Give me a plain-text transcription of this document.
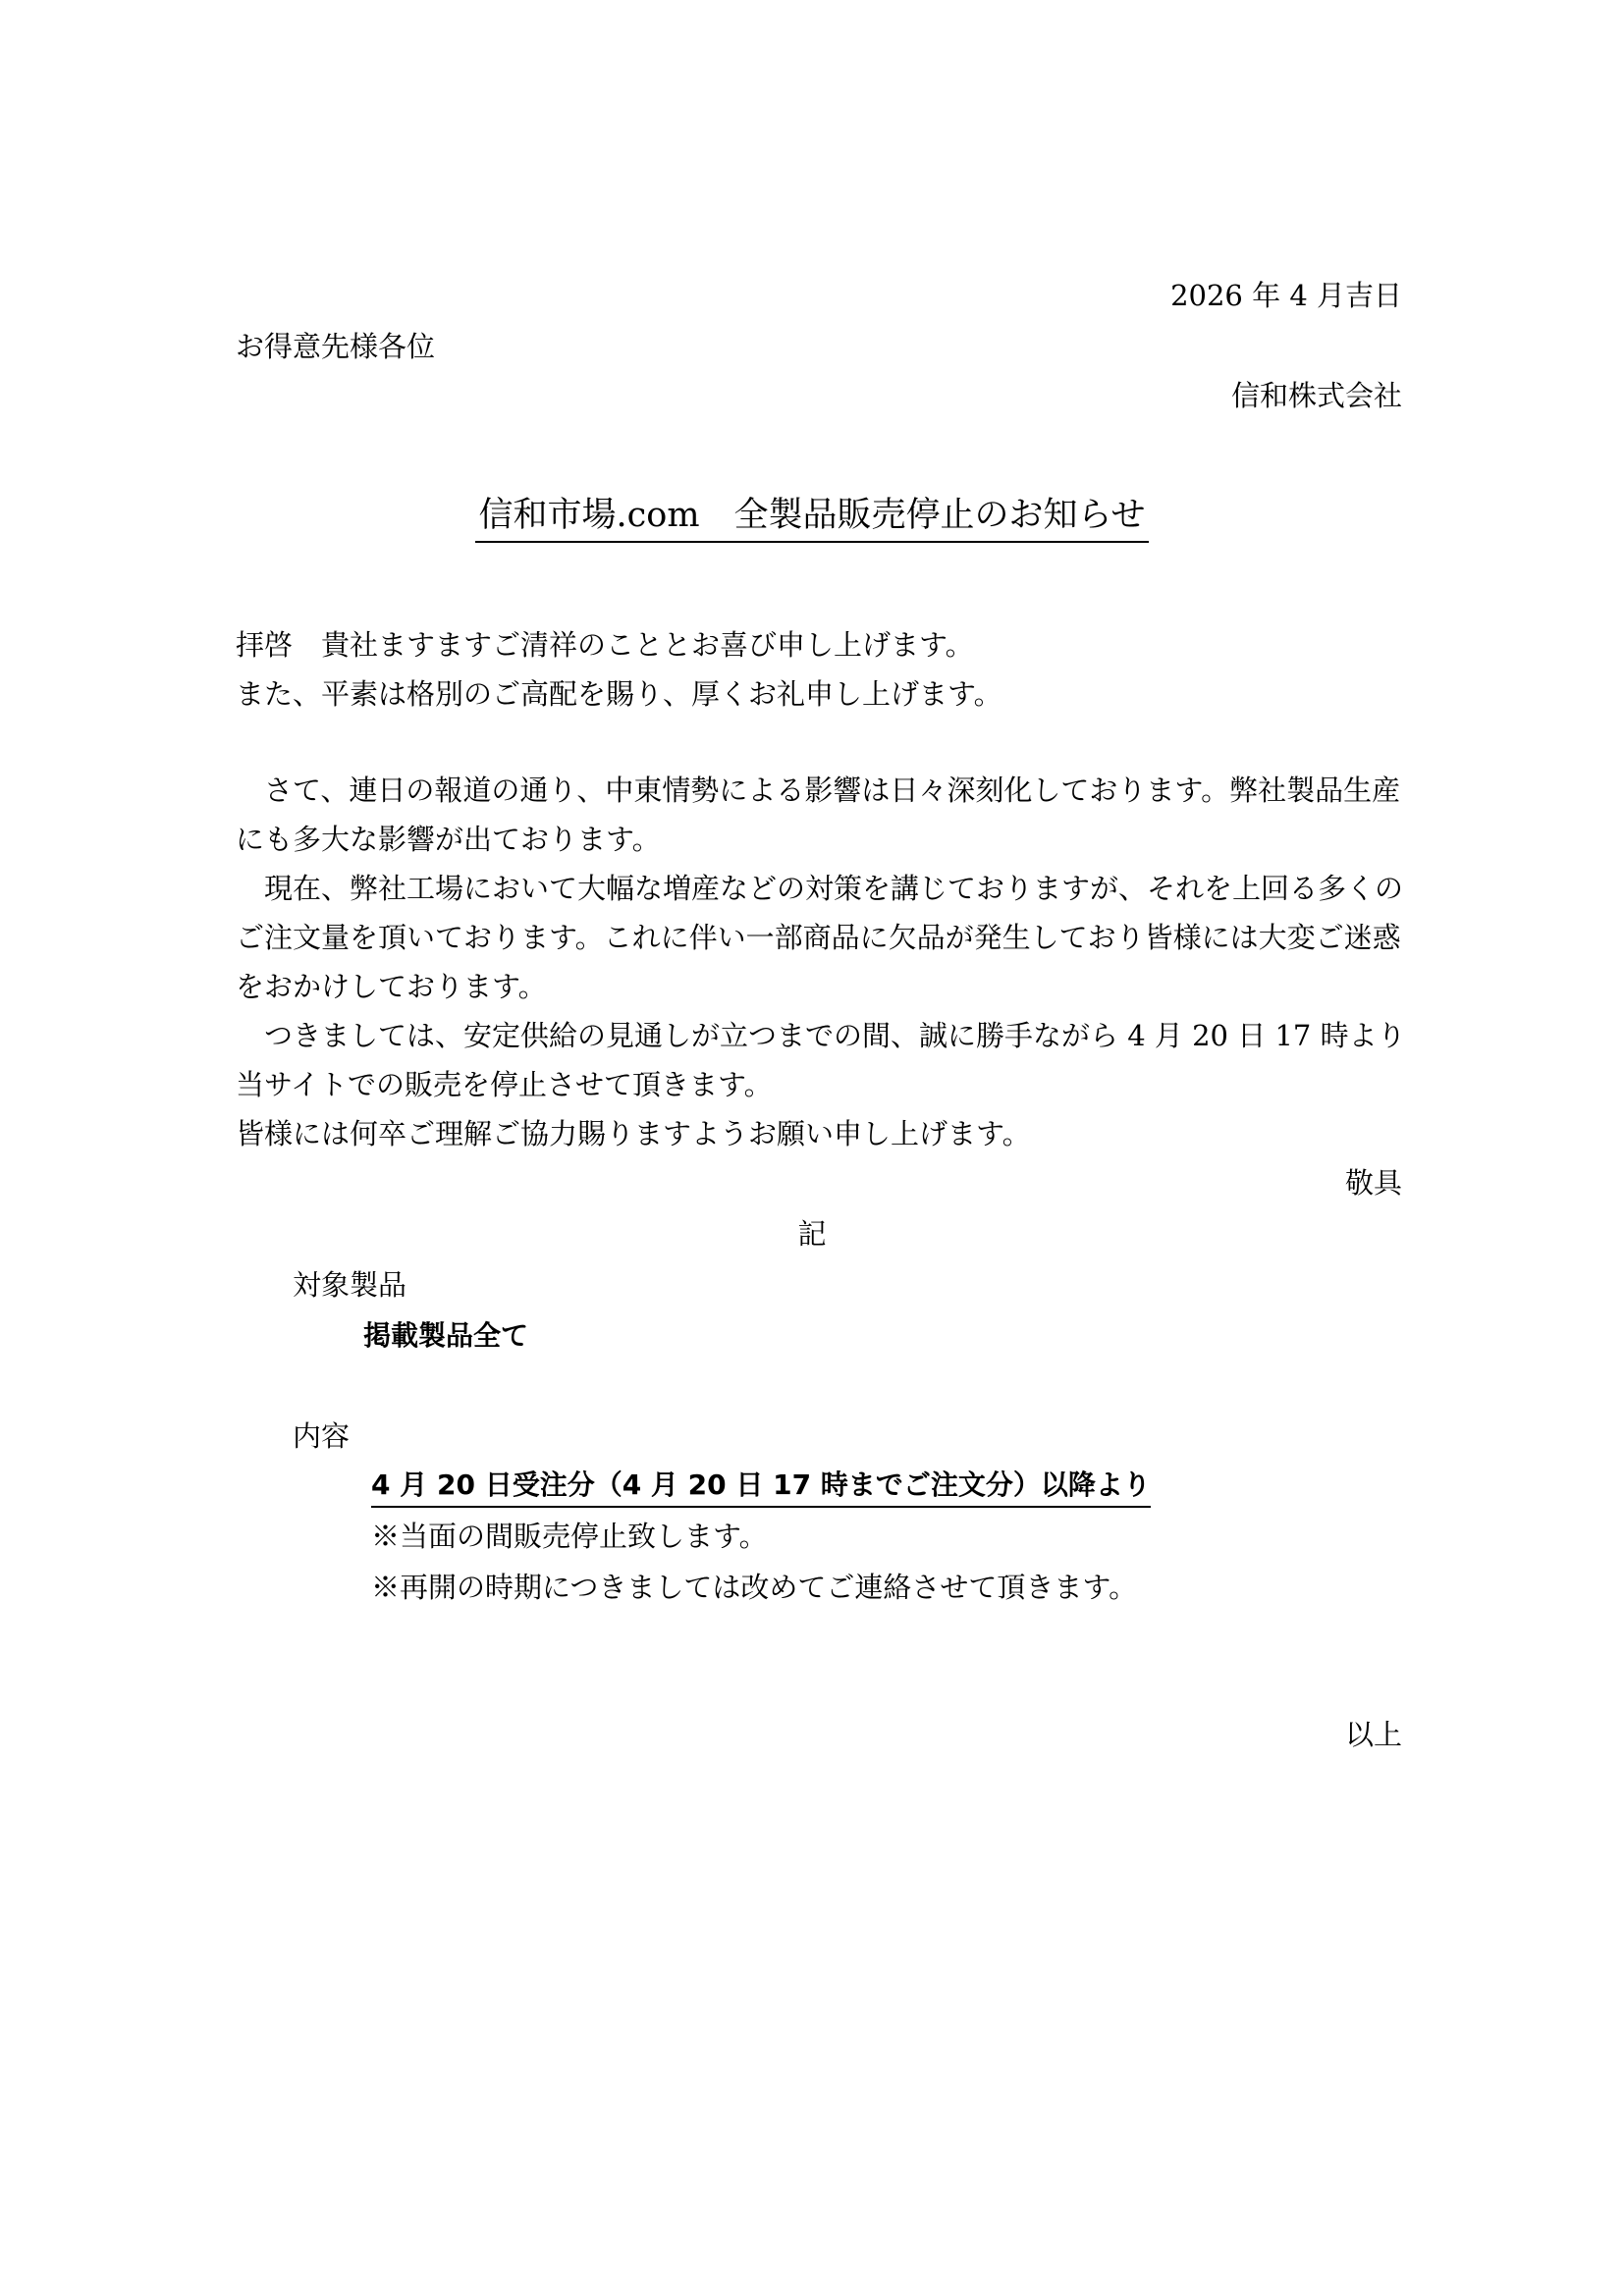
2026 年 4 月吉日
お得意先様各位
信和株式会社
信和市場.com　全製品販売停止のお知らせ
拝啓　貴社ますますご清祥のこととお喜び申し上げます。
また、平素は格別のご高配を賜り、厚くお礼申し上げます。
　さて、連日の報道の通り、中東情勢による影響は日々深刻化しております。弊社製品生産
にも多大な影響が出ております。
　現在、弊社工場において大幅な増産などの対策を講じておりますが、それを上回る多くの
ご注文量を頂いております。これに伴い一部商品に欠品が発生しており皆様には大変ご迷惑
をおかけしております。
　つきましては、安定供給の見通しが立つまでの間、誠に勝手ながら 4 月 20 日 17 時より
当サイトでの販売を停止させて頂きます。
皆様には何卒ご理解ご協力賜りますようお願い申し上げます。
敬具
記
対象製品
掲載製品全て
内容
4 月 20 日受注分（4 月 20 日 17 時までご注文分）以降より
※当面の間販売停止致します。
※再開の時期につきましては改めてご連絡させて頂きます。
以上
